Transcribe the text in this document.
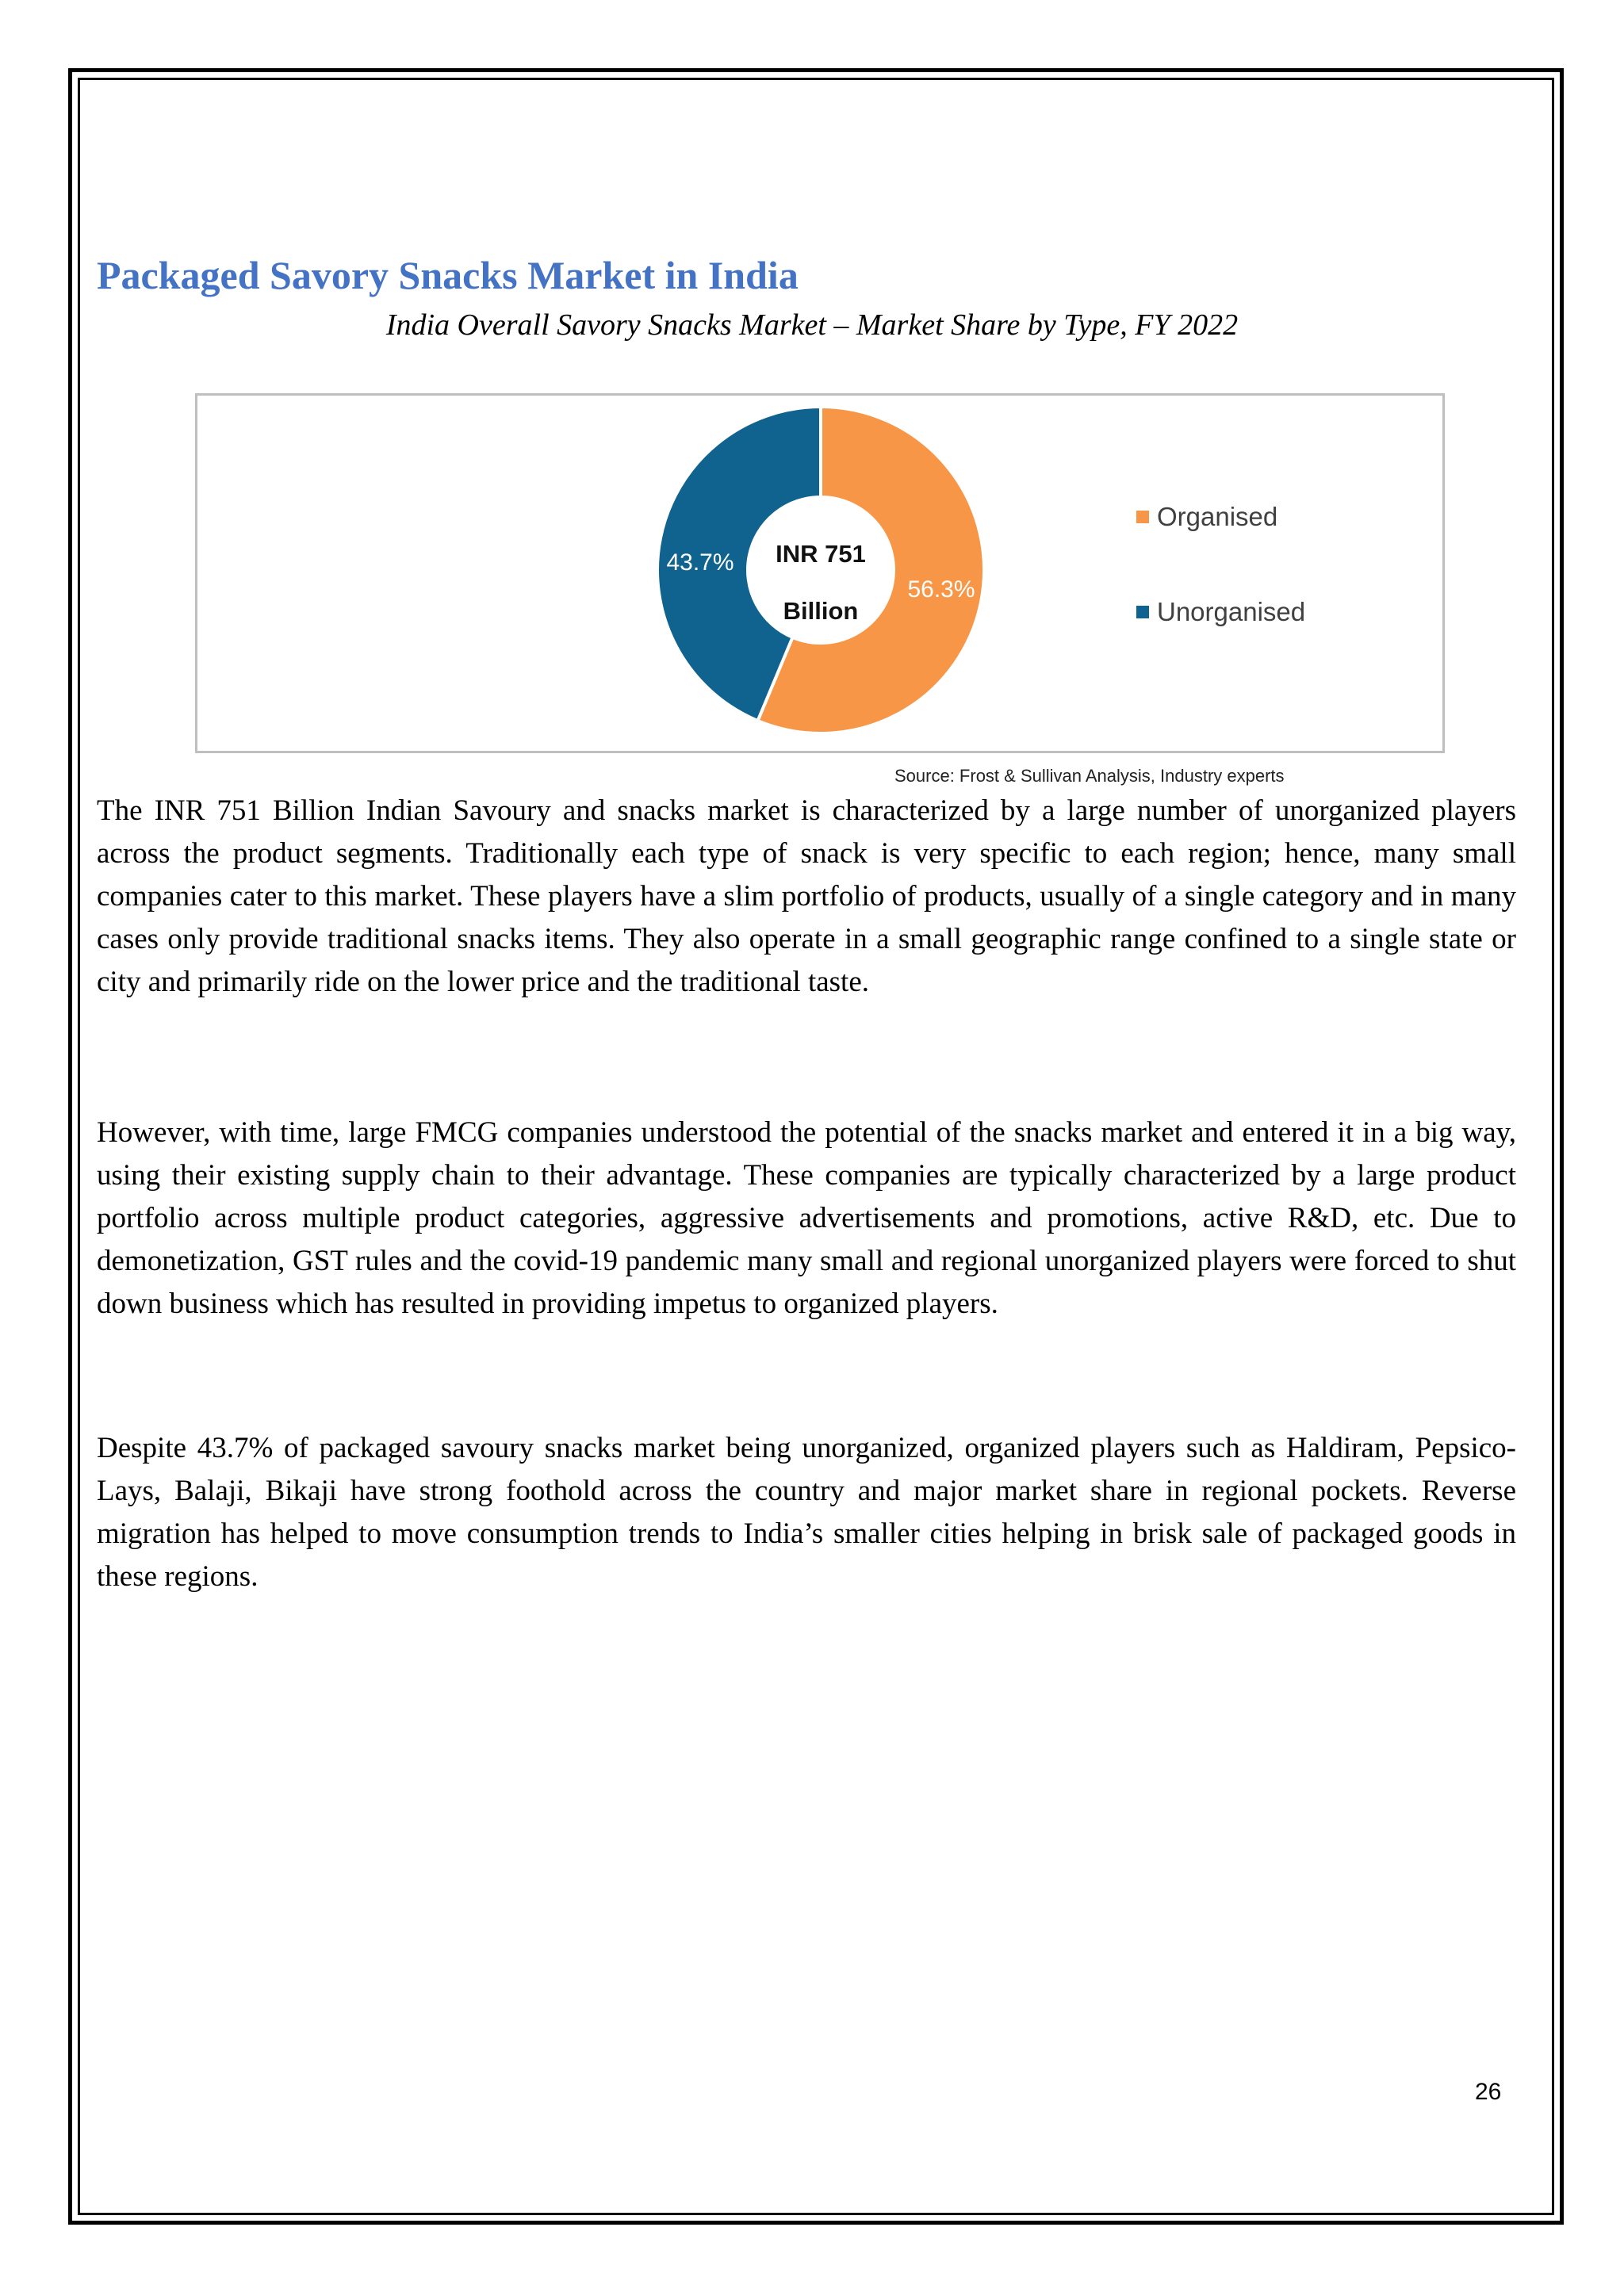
Packaged Savory Snacks Market in India
India Overall Savory Snacks Market – Market Share by Type, FY 2022
56.3%
43.7% INR 751
Billion
Organised
Unorganised
Source: Frost & Sullivan Analysis, Industry experts

The INR 751 Billion Indian Savoury and snacks market is characterized by a large number of unorganized players across the product segments. Traditionally each type of snack is very specific to each region; hence, many small companies cater to this market. These players have a slim portfolio of products, usually of a single category and in many cases only provide traditional snacks items. They also operate in a small geographic range confined to a single state or city and primarily ride on the lower price and the traditional taste.

However, with time, large FMCG companies understood the potential of the snacks market and entered it in a big way, using their existing supply chain to their advantage. These companies are typically characterized by a large product portfolio across multiple product categories, aggressive advertisements and promotions, active R&D, etc. Due to demonetization, GST rules and the covid-19 pandemic many small and regional unorganized players were forced to shut down business which has resulted in providing impetus to organized players.

Despite 43.7% of packaged savoury snacks market being unorganized, organized players such as Haldiram, Pepsico- Lays, Balaji, Bikaji have strong foothold across the country and major market share in regional pockets. Reverse migration has helped to move consumption trends to India’s smaller cities helping in brisk sale of packaged goods in these regions.

26
